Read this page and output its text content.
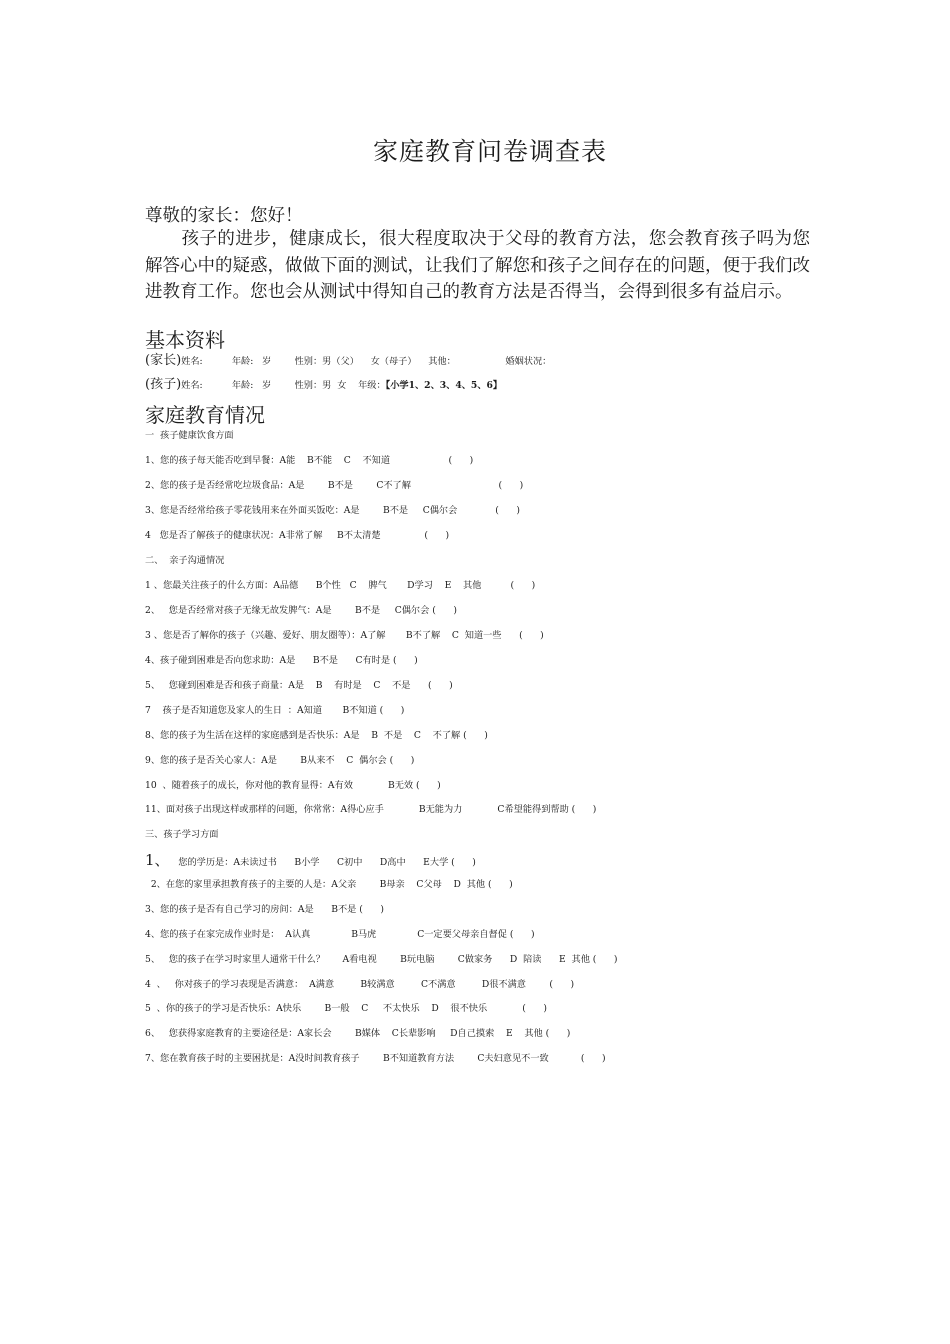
家庭教育问卷调查表
尊敬的家长：您好！
孩子的进步，健康成长，很大程度取决于父母的教育方法，您会教育孩子吗为您解答心中的疑惑，做做下面的测试，让我们了解您和孩子之间存在的问题，便于我们改进教育工作。您也会从测试中得知自己的教育方法是否得当，会得到很多有益启示。
基本资料
(家长)姓名:          年龄:   岁        性别：男（父）    女（母子）    其他：                 婚姻状况：
(孩子)姓名:          年龄:   岁        性别：男  女    年级：【小学1、2、3、4、5、6】
家庭教育情况
一  孩子健康饮食方面
1、您的孩子每天能否吃到早餐：A能    B不能    C    不知道                    (      )
2、您的孩子是否经常吃垃圾食品：A是        B不是        C不了解                              (      )
3、您是否经常给孩子零花钱用来在外面买饭吃：A是        B不是     C偶尔会             (      )
4   您是否了解孩子的健康状况：A非常了解     B不太清楚               (      )
二、  亲子沟通情况
1 、您最关注孩子的什么方面：A品德      B个性   C    脾气       D学习    E    其他          (      )
2、   您是否经常对孩子无缘无故发脾气：A是        B不是     C偶尔会 (      )
3 、您是否了解你的孩子（兴趣、爱好、朋友圈等）：A了解       B不了解    C  知道一些      (      )
4、孩子碰到困难是否向您求助：A是      B不是      C有时是 (      )
5、   您碰到困难是否和孩子商量：A是    B    有时是    C    不是      (      )
7    孩子是否知道您及家人的生日  ：A知道       B不知道 (      )
8、您的孩子为生活在这样的家庭感到是否快乐：A是    B  不是    C    不了解 (      )
9、您的孩子是否关心家人：A是        B从来不    C  偶尔会 (      )
10  、随着孩子的成长，你对他的教育显得：A有效            B无效 (      )
11、面对孩子出现这样或那样的问题，你常常：A得心应手            B无能为力            C希望能得到帮助 (      )
三、孩子学习方面
1、   您的学历是：A未读过书      B小学      C初中      D高中      E大学 (      )
2、在您的家里承担教育孩子的主要的人是：A父亲        B母亲    C父母    D  其他 (      )
3、您的孩子是否有自己学习的房间：A是      B不是 (      )
4、您的孩子在家完成作业时是：  A认真              B马虎              C一定要父母亲自督促 (      )
5、   您的孩子在学习时家里人通常干什么？      A看电视        B玩电脑        C做家务      D  陪读      E  其他 (      )
4  、   你对孩子的学习表现是否满意：  A满意         B较满意         C不满意         D很不满意        (      )
5  、你的孩子的学习是否快乐：A快乐        B一般    C     不太快乐    D    很不快乐            (      )
6、   您获得家庭教育的主要途径是：A家长会        B媒体    C长辈影响     D自己摸索    E    其他 (      )
7、您在教育孩子时的主要困扰是：A没时间教育孩子        B不知道教育方法        C夫妇意见不一致           (      )
